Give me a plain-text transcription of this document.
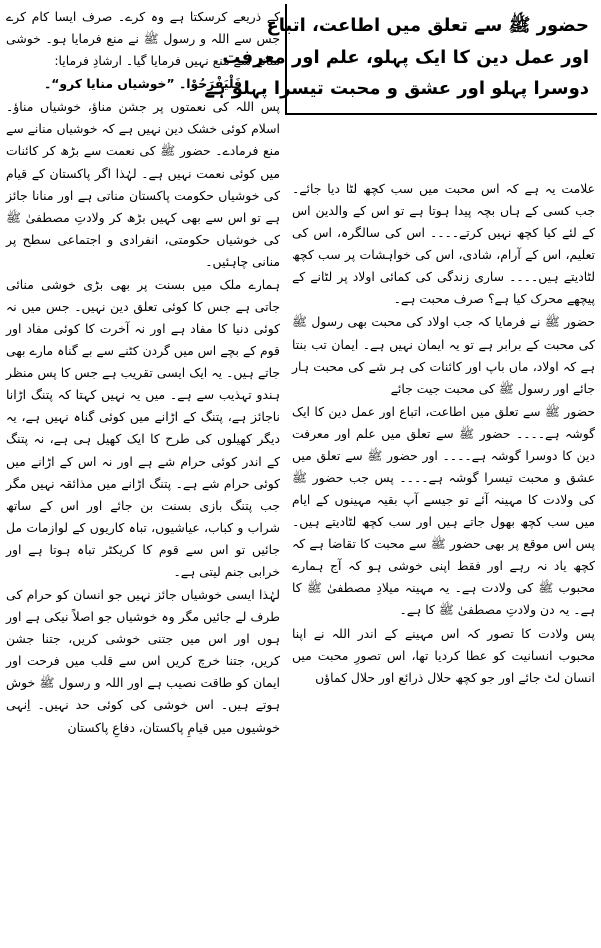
حضور ﷺ سے تعلق میں اطاعت، اتباع
اور عمل دین کا ایک پہلو، علم اور معرفت
دوسرا پہلو اور عشق و محبت تیسرا پہلو ہے

کے ذریعے کرسکتا ہے وہ کرے۔ صرف ایسا کام کرے جس سے اللہ و رسول ﷺ نے منع فرمایا ہو۔ خوشی منانے سے منع نہیں فرمایا گیا۔ ارشادِ فرمایا:

فَلْيَفْرَحُوْا۔ ”خوشیاں منایا کرو“۔

پس اللہ کی نعمتوں پر جشن مناؤ، خوشیاں مناؤ۔ اسلام کوئی خشک دین نہیں ہے کہ خوشیاں منانے سے منع فرمادے۔ حضور ﷺ کی نعمت سے بڑھ کر کائنات میں کوئی نعمت نہیں ہے۔ لہٰذا اگر پاکستان کے قیام کی خوشیاں حکومت پاکستان مناتی ہے اور منانا جائز ہے تو اس سے بھی کہیں بڑھ کر ولادتِ مصطفیٰ ﷺ کی خوشیاں حکومتی، انفرادی و اجتماعی سطح پر منانی چاہئیں۔

ہمارے ملک میں بسنت پر بھی بڑی خوشی منائی جاتی ہے جس کا کوئی تعلق دین نہیں۔ جس میں نہ کوئی دنیا کا مفاد ہے اور نہ آخرت کا کوئی مفاد اور قوم کے بچے اس میں گردن کٹنے سے بے گناہ مارے بھی جاتے ہیں۔ یہ ایک ایسی تقریب ہے جس کا پس منظر ہندو تہذیب سے ہے۔ میں یہ نہیں کہتا کہ پتنگ اڑانا ناجائز ہے، پتنگ کے اڑانے میں کوئی گناہ نہیں ہے، یہ دیگر کھیلوں کی طرح کا ایک کھیل ہی ہے، نہ پتنگ کے اندر کوئی حرام شے ہے اور نہ اس کے اڑانے میں کوئی حرام شے ہے۔ پتنگ اڑانے میں مذائقہ نہیں مگر جب پتنگ بازی بسنت بن جائے اور اس کے ساتھ شراب و کباب، عیاشیوں، تباہ کاریوں کے لوازمات مل جائیں تو اس سے قوم کا کریکٹر تباہ ہوتا ہے اور خرابی جنم لیتی ہے۔

لہٰذا ایسی خوشیاں جائز نہیں جو انسان کو حرام کی طرف لے جائیں مگر وہ خوشیاں جو اصلاً نیکی ہے اور ہوں اور اس میں جتنی خوشی کریں، جتنا جشن کریں، جتنا خرچ کریں اس سے قلب میں فرحت اور ایمان کو طاقت نصیب ہے اور اللہ و رسول ﷺ خوش ہوتے ہیں۔ اس خوشی کی کوئی حد نہیں۔ اِنہی خوشیوں میں قیامِ پاکستان، دفاعِ پاکستان

علامت یہ ہے کہ اس محبت میں سب کچھ لٹا دیا جائے۔ جب کسی کے ہاں بچہ پیدا ہوتا ہے تو اس کے والدین اس کے لئے کیا کچھ نہیں کرتے۔۔۔۔ اس کی سالگرہ، اس کی تعلیم، اس کے آرام، شادی، اس کی خواہشات پر سب کچھ لٹادیتے ہیں۔۔۔۔ ساری زندگی کی کمائی اولاد پر لٹانے کے پیچھے محرک کیا ہے؟ صرف محبت ہے۔

حضور ﷺ نے فرمایا کہ جب اولاد کی محبت بھی رسول ﷺ کی محبت کے برابر ہے تو یہ ایمان نہیں ہے۔ ایمان تب بنتا ہے کہ اولاد، ماں باپ اور کائنات کی ہر شے کی محبت ہار جائے اور رسول ﷺ کی محبت جیت جائے

حضور ﷺ سے تعلق میں اطاعت، اتباع اور عمل دین کا ایک گوشہ ہے۔۔۔۔ حضور ﷺ سے تعلق میں علم اور معرفت دین کا دوسرا گوشہ ہے۔۔۔۔ اور حضور ﷺ سے تعلق میں عشق و محبت تیسرا گوشہ ہے۔۔۔۔ پس جب حضور ﷺ کی ولادت کا مہینہ آئے تو جیسے آپ بقیہ مہینوں کے ایام میں سب کچھ بھول جاتے ہیں اور سب کچھ لٹادیتے ہیں۔ پس اس موقع پر بھی حضور ﷺ سے محبت کا تقاضا ہے کہ کچھ یاد نہ رہے اور فقط اپنی خوشی ہو کہ آج ہمارے محبوب ﷺ کی ولادت ہے۔ یہ مہینہ میلادِ مصطفیٰ ﷺ کا ہے۔ یہ دن ولادتِ مصطفیٰ ﷺ کا ہے۔

پس ولادت کا تصور کہ اس مہینے کے اندر اللہ نے اپنا محبوب انسانیت کو عطا کردیا تھا، اس تصورِ محبت میں انسان لٹ جائے اور جو کچھ حلال ذرائع اور حلال کماؤں
